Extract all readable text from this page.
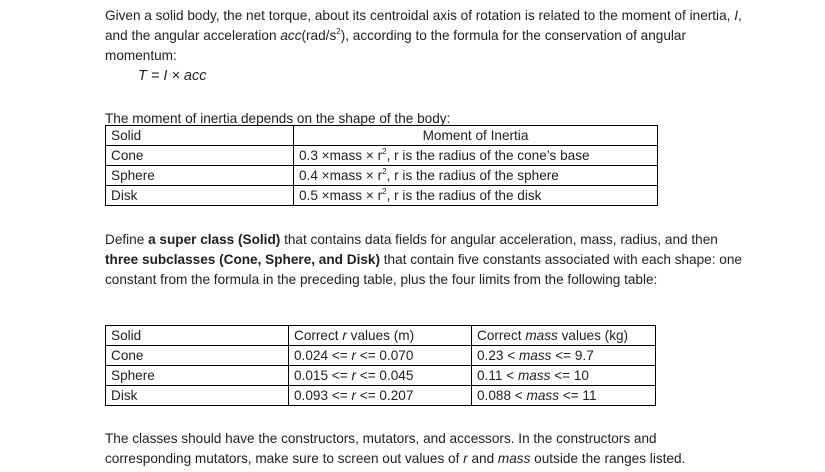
Given a solid body, the net torque, about its centroidal axis of rotation is related to the moment of inertia, I, and the angular acceleration $acc(rad/s^2)$, according to the formula for the conservation of angular momentum:

T = I × acc

The moment of inertia depends on the shape of the body:

Solid	Moment of Inertia
Cone	0.3 ×mass × $r^2$, r is the radius of the cone’s base
Sphere	0.4 ×mass × $r^2$, r is the radius of the sphere
Disk	0.5 ×mass × $r^2$, r is the radius of the disk

Define a super class (Solid) that contains data fields for angular acceleration, mass, radius, and then three subclasses (Cone, Sphere, and Disk) that contain five constants associated with each shape: one constant from the formula in the preceding table, plus the four limits from the following table:

Solid	Correct r values (m)	Correct mass values (kg)
Cone	0.024 <= r <= 0.070	0.23 < mass <= 9.7
Sphere	0.015 <= r <= 0.045	0.11 < mass <= 10
Disk	0.093 <= r <= 0.207	0.088 < mass <= 11

The classes should have the constructors, mutators, and accessors. In the constructors and corresponding mutators, make sure to screen out values of r and mass outside the ranges listed.
